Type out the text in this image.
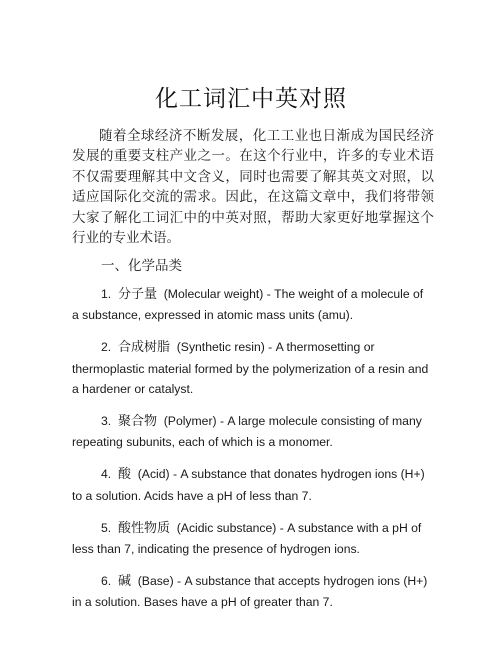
化工词汇中英对照

随着全球经济不断发展，化工工业也日渐成为国民经济发展的重要支柱产业之一。在这个行业中，许多的专业术语不仅需要理解其中文含义，同时也需要了解其英文对照，以适应国际化交流的需求。因此，在这篇文章中，我们将带领大家了解化工词汇中的中英对照，帮助大家更好地掌握这个行业的专业术语。

一、化学品类
1. 分子量 (Molecular weight) - The weight of a molecule of a substance, expressed in atomic mass units (amu).
2. 合成树脂 (Synthetic resin) - A thermosetting or thermoplastic material formed by the polymerization of a resin and a hardener or catalyst.
3. 聚合物 (Polymer) - A large molecule consisting of many repeating subunits, each of which is a monomer.
4. 酸 (Acid) - A substance that donates hydrogen ions (H+) to a solution. Acids have a pH of less than 7.
5. 酸性物质 (Acidic substance) - A substance with a pH of less than 7, indicating the presence of hydrogen ions.
6. 碱 (Base) - A substance that accepts hydrogen ions (H+) in a solution. Bases have a pH of greater than 7.
